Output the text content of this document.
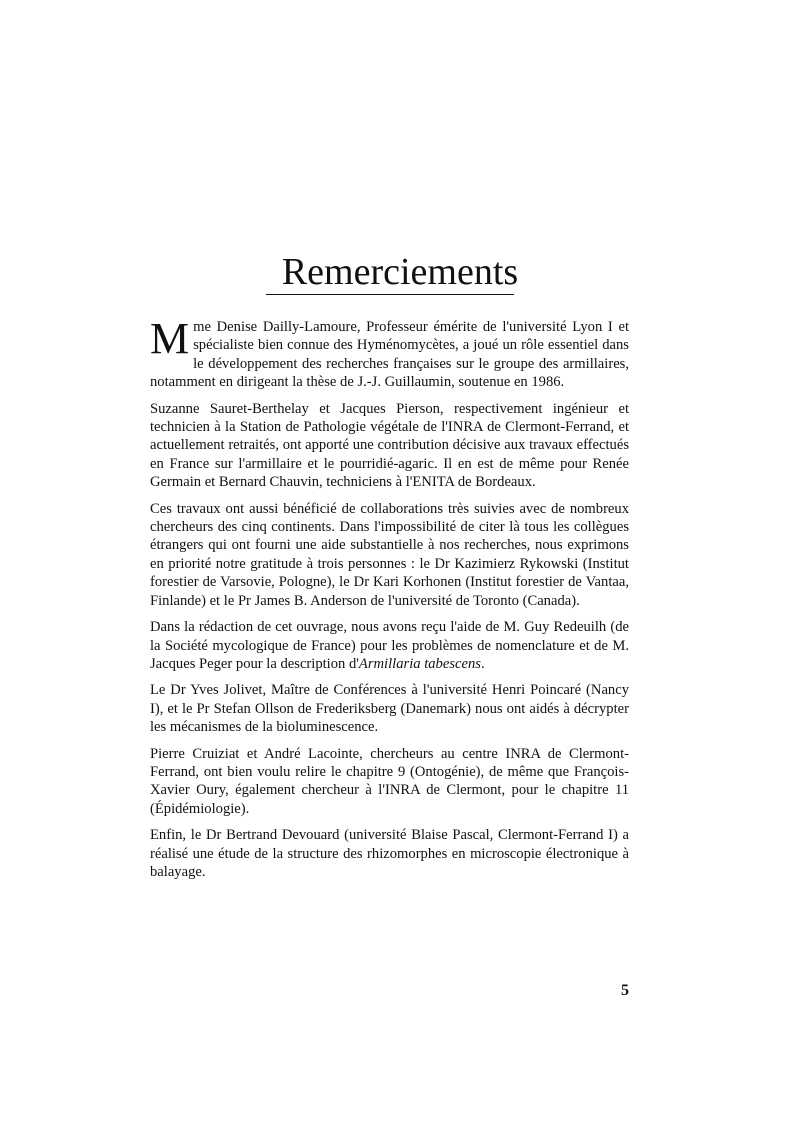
Remerciements

Mme Denise Dailly-Lamoure, Professeur émérite de l'université Lyon I et spécialiste bien connue des Hyménomycètes, a joué un rôle essentiel dans le développement des recherches françaises sur le groupe des armillaires, notamment en dirigeant la thèse de J.-J. Guillaumin, soutenue en 1986.

Suzanne Sauret-Berthelay et Jacques Pierson, respectivement ingénieur et technicien à la Station de Pathologie végétale de l'INRA de Clermont-Ferrand, et actuellement retraités, ont apporté une contribution décisive aux travaux effectués en France sur l'armillaire et le pourridié-agaric. Il en est de même pour Renée Germain et Bernard Chauvin, techniciens à l'ENITA de Bordeaux.

Ces travaux ont aussi bénéficié de collaborations très suivies avec de nombreux chercheurs des cinq continents. Dans l'impossibilité de citer là tous les collègues étrangers qui ont fourni une aide substantielle à nos recherches, nous exprimons en priorité notre gratitude à trois personnes : le Dr Kazimierz Rykowski (Institut forestier de Varsovie, Pologne), le Dr Kari Korhonen (Institut forestier de Vantaa, Finlande) et le Pr James B. Anderson de l'université de Toronto (Canada).

Dans la rédaction de cet ouvrage, nous avons reçu l'aide de M. Guy Redeuilh (de la Société mycologique de France) pour les problèmes de nomenclature et de M. Jacques Peger pour la description d'Armillaria tabescens.

Le Dr Yves Jolivet, Maître de Conférences à l'université Henri Poincaré (Nancy I), et le Pr Stefan Ollson de Frederiksberg (Danemark) nous ont aidés à décrypter les mécanismes de la bioluminescence.

Pierre Cruiziat et André Lacointe, chercheurs au centre INRA de Clermont-Ferrand, ont bien voulu relire le chapitre 9 (Ontogénie), de même que François-Xavier Oury, également chercheur à l'INRA de Clermont, pour le chapitre 11 (Épidémiologie).

Enfin, le Dr Bertrand Devouard (université Blaise Pascal, Clermont-Ferrand I) a réalisé une étude de la structure des rhizomorphes en microscopie électronique à balayage.

5
